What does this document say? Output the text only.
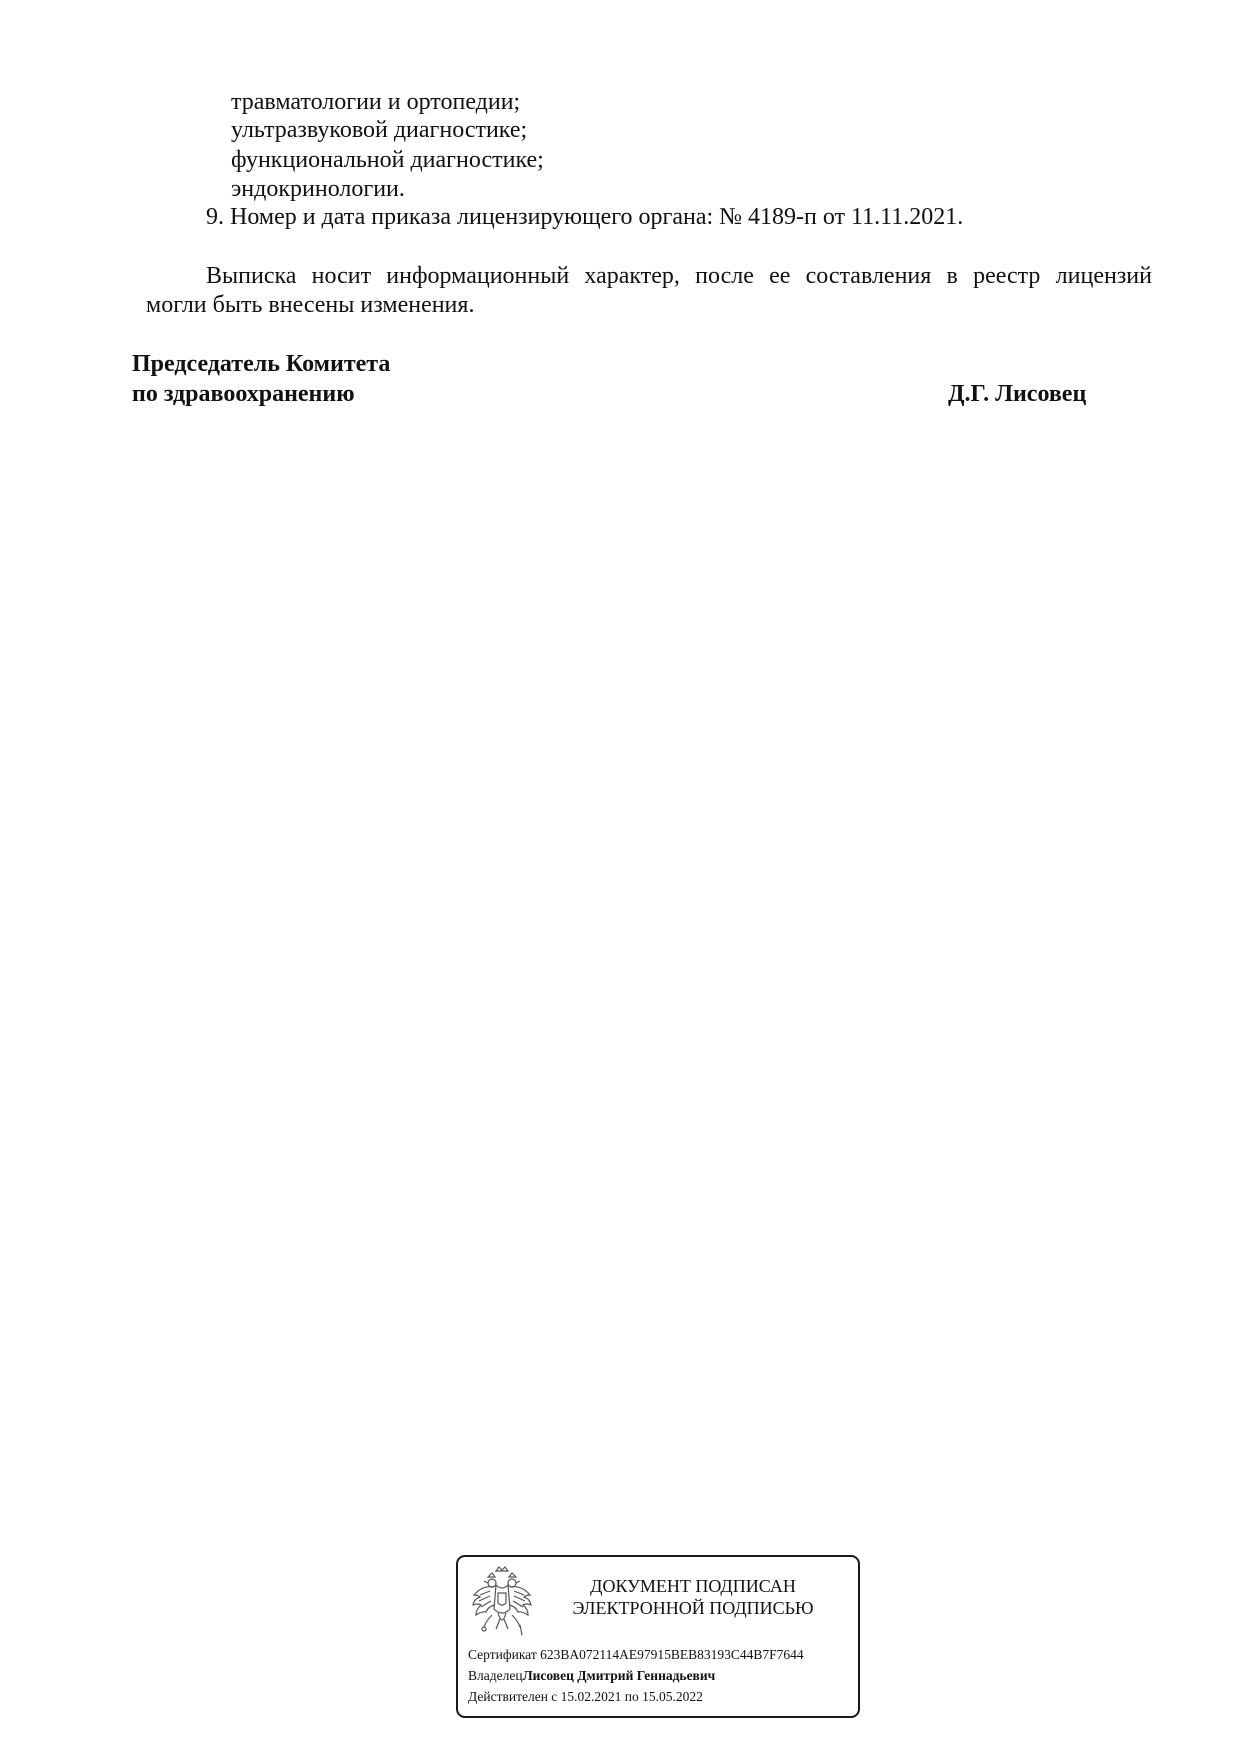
травматологии и ортопедии;
ультразвуковой диагностике;
функциональной диагностике;
эндокринологии.
9. Номер и дата приказа лицензирующего органа: № 4189-п от 11.11.2021.
Выписка носит информационный характер, после ее составления в реестр лицензий
могли быть внесены изменения.
Председатель Комитета
по здравоохранению	Д.Г. Лисовец
ДОКУМЕНТ ПОДПИСАН
ЭЛЕКТРОННОЙ ПОДПИСЬЮ
Сертификат 623BA072114AE97915BEB83193C44B7F7644
ВладелецЛисовец Дмитрий Геннадьевич
Действителен с 15.02.2021 по 15.05.2022
